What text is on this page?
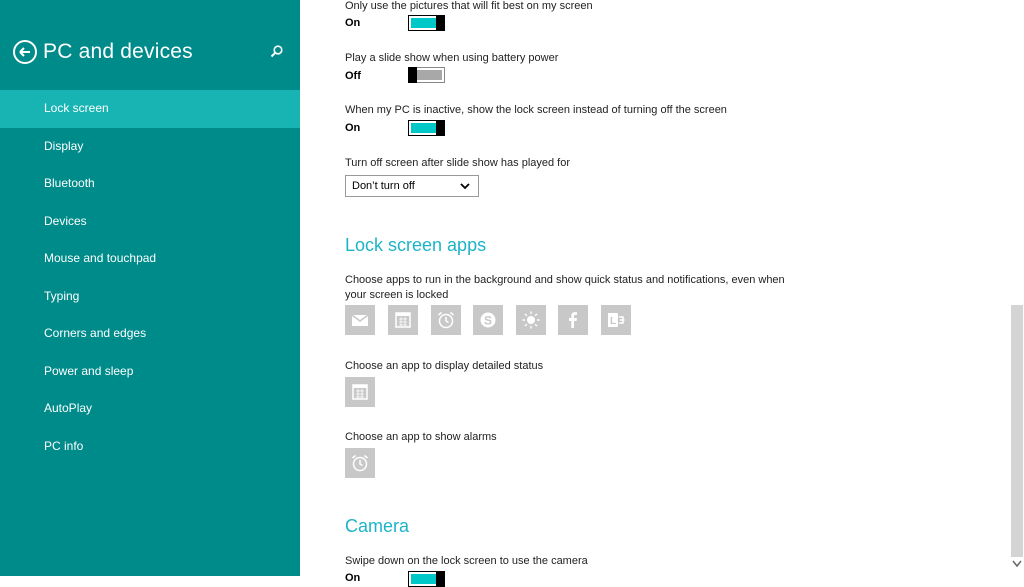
PC and devices
Lock screen
Display
Bluetooth
Devices
Mouse and touchpad
Typing
Corners and edges
Power and sleep
AutoPlay
PC info
Only use the pictures that will fit best on my screen
On
Play a slide show when using battery power
Off
When my PC is inactive, show the lock screen instead of turning off the screen
On
Turn off screen after slide show has played for
Don’t turn off
Lock screen apps
Choose apps to run in the background and show quick status and notifications, even when your screen is locked
S	L
Choose an app to display detailed status
Choose an app to show alarms
Camera
Swipe down on the lock screen to use the camera
On
